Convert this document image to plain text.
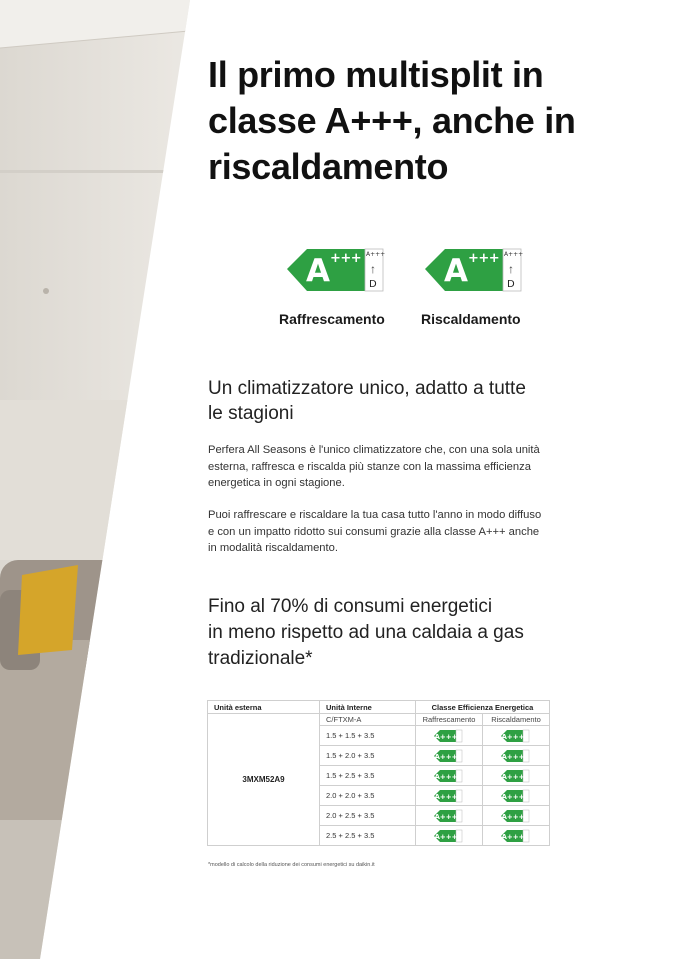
Il primo multisplit in
classe A+++, anche in
riscaldamento
A +++ A+++
↑
D
Raffrescamento
A +++ A+++
↑
D
Riscaldamento
Un climatizzatore unico, adatto a tutte
le stagioni

Perfera All Seasons è l'unico climatizzatore che, con una sola unità esterna, raffresca e riscalda più stanze con la massima efficienza energetica in ogni stagione.

Puoi raffrescare e riscaldare la tua casa tutto l'anno in modo diffuso e con un impatto ridotto sui consumi grazie alla classe A+++ anche in modalità riscaldamento.

Fino al 70% di consumi energetici
in meno rispetto ad una caldaia a gas
tradizionale*
Unità esterna	Unità Interne	Classe Efficienza Energetica	
3MXM52A9	C/FTXM-A	Raffrescamento	Riscaldamento
	1.5 + 1.5 + 3.5	A+++	A+++

	1.5 + 2.0 + 3.5	A+++	A+++

	1.5 + 2.5 + 3.5	A+++	A+++

	2.0 + 2.0 + 3.5	A+++	A+++

	2.0 + 2.5 + 3.5	A+++	A+++

	2.5 + 2.5 + 3.5	A+++	A+++

*modello di calcolo della riduzione dei consumi energetici su daikin.it
